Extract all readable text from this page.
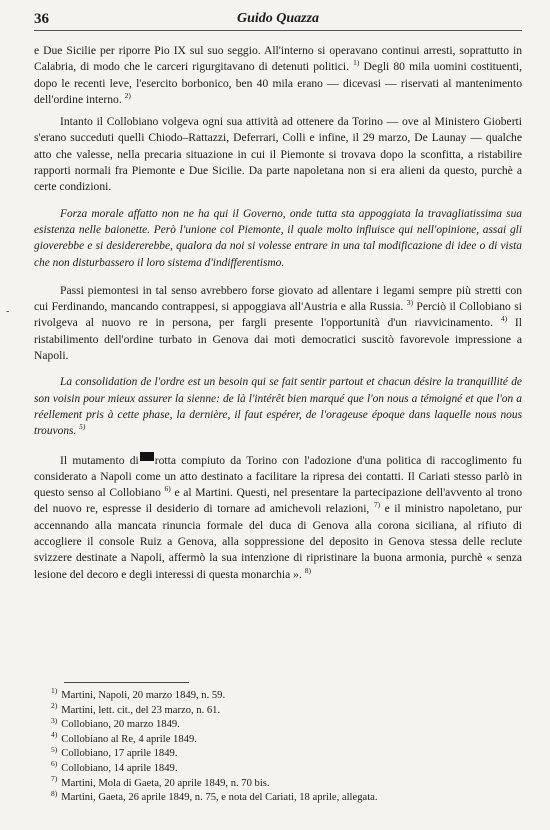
36	Guido Quazza
-

e Due Sicilie per riporre Pio IX sul suo seggio. All'interno si operavano continui arresti, soprattutto in Calabria, di modo che le carceri rigurgitavano di detenuti politici. $^{1)}$ Degli 80 mila uomini costituenti, dopo le recenti leve, l'esercito borbonico, ben 40 mila erano — dicevasi — riservati al mantenimento dell'ordine interno. $^{2)}$

Intanto il Collobiano volgeva ogni sua attività ad ottenere da Torino — ove al Ministero Gioberti s'erano succeduti quelli Chiodo–Rattazzi, Deferrari, Colli e infine, il 29 marzo, De Launay — qualche atto che valesse, nella precaria situazione in cui il Piemonte si trovava dopo la sconfitta, a ristabilire rapporti normali fra Piemonte e Due Sicilie. Da parte napoletana non si era alieni da questo, purchè a certe condizioni.

Forza morale affatto non ne ha qui il Governo, onde tutta sta appoggiata la travagliatissima sua esistenza nelle baionette. Però l'unione col Piemonte, il quale molto influisce qui nell'opinione, assai gli gioverebbe e si desidererebbe, qualora da noi si volesse entrare in una tal modificazione di idee o di vista che non disturbassero il loro sistema d'indifferentismo.

Passi piemontesi in tal senso avrebbero forse giovato ad allentare i legami sempre più stretti con cui Ferdinando, mancando contrappesi, si appoggiava all'Austria e alla Russia. $^{3)}$ Perciò il Collobiano si rivolgeva al nuovo re in persona, per fargli presente l'opportunità d'un riavvicinamento. $^{4)}$ Il ristabilimento dell'ordine turbato in Genova dai moti democratici suscitò favorevole impressione a Napoli.

La consolidation de l'ordre est un besoin qui se fait sentir partout et chacun désire la tranquillité de son voisin pour mieux assurer la sienne: de là l'intérêt bien marqué que l'on nous a témoigné et que l'on a réellement pris à cette phase, la dernière, il faut espérer, de l'orageuse époque dans laquelle nous nous trouvons. $^{5)}$

Il mutamento di rotta compiuto da Torino con l'adozione d'una politica di raccoglimento fu considerato a Napoli come un atto destinato a facilitare la ripresa dei contatti. Il Cariati stesso parlò in questo senso al Collobiano $^{6)}$ e al Martini. Questi, nel presentare la partecipazione dell'avvento al trono del nuovo re, espresse il desiderio di tornare ad amichevoli relazioni, $^{7)}$ e il ministro napoletano, pur accennando alla mancata rinuncia formale del duca di Genova alla corona siciliana, al rifiuto di accogliere il console Ruiz a Genova, alla soppressione del deposito in Genova stessa delle reclute svizzere destinate a Napoli, affermò la sua intenzione di ripristinare la buona armonia, purchè « senza lesione del decoro e degli interessi di questa monarchia ». $^{8)}$

$^{1)}$ Martini, Napoli, 20 marzo 1849, n. 59.

$^{2)}$ Martini, lett. cit., del 23 marzo, n. 61.

$^{3)}$ Collobiano, 20 marzo 1849.

$^{4)}$ Collobiano al Re, 4 aprile 1849.

$^{5)}$ Collobiano, 17 aprile 1849.

$^{6)}$ Collobiano, 14 aprile 1849.

$^{7)}$ Martini, Mola di Gaeta, 20 aprile 1849, n. 70 bis.

$^{8)}$ Martini, Gaeta, 26 aprile 1849, n. 75, e nota del Cariati, 18 aprile, allegata.
